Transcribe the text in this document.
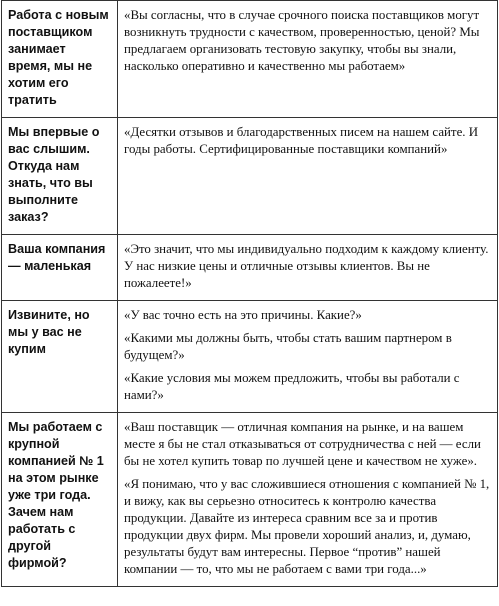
Работа с новым поставщиком занимает время, мы не хотим его тратить	«Вы согласны, что в случае срочного поиска поставщиков могут возникнуть трудности с качеством, проверенностью, ценой? Мы предлагаем организовать тестовую закупку, чтобы вы знали, насколько оперативно и качественно мы работаем»

Мы впервые о вас слышим. Откуда нам знать, что вы выполните заказ?	«Десятки отзывов и благодарственных писем на нашем сайте. И годы работы. Сертифицированные поставщики компаний»

Ваша компания — маленькая	«Это значит, что мы индивидуально подходим к каждому клиенту. У нас низкие цены и отличные отзывы клиентов. Вы не пожалеете!»

Извините, но мы у вас не купим	«У вас точно есть на это причины. Какие?»

«Какими мы должны быть, чтобы стать вашим партнером в будущем?»

«Какие условия мы можем предложить, чтобы вы работали с нами?»

Мы работаем с крупной компанией № 1 на этом рынке уже три года. Зачем нам работать с другой фирмой?	«Ваш поставщик — отличная компания на рынке, и на вашем месте я бы не стал отказываться от сотрудничества с ней — если бы не хотел купить товар по лучшей цене и качеством не хуже».

«Я понимаю, что у вас сложившиеся отношения с компанией № 1, и вижу, как вы серьезно относитесь к контролю качества продукции. Давайте из интереса сравним все за и против продукции двух фирм. Мы провели хороший анализ, и, думаю, результаты будут вам интересны. Первое “против” нашей компании — то, что мы не работаем с вами три года...»
